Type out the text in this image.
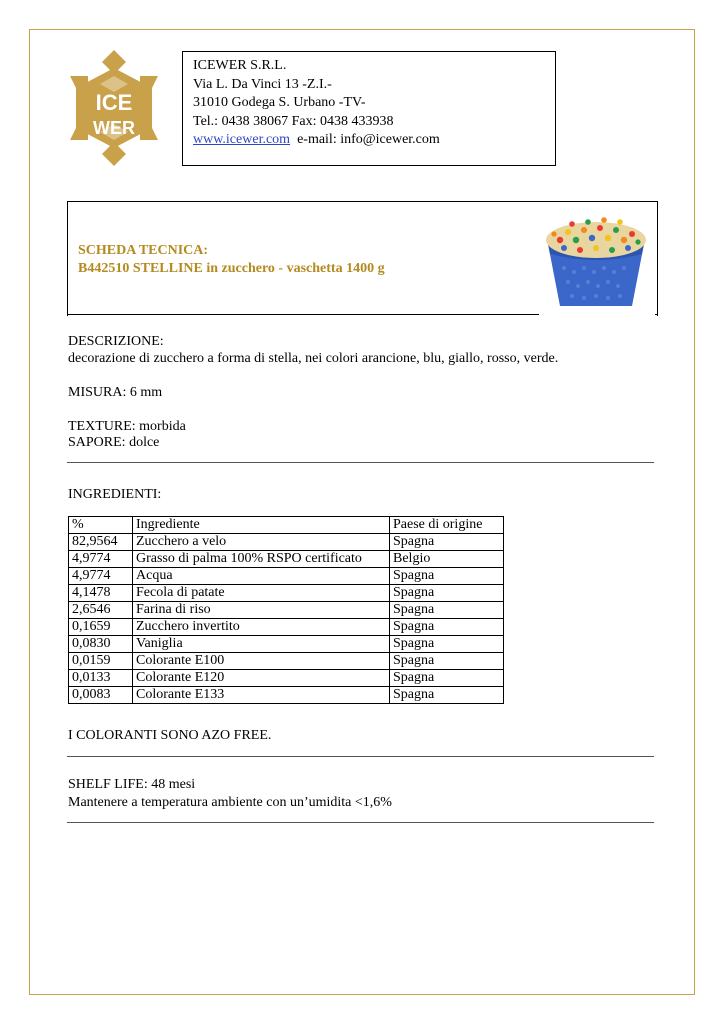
ICE
WER
ICEWER S.R.L.
Via L. Da Vinci 13 -Z.I.-
31010 Godega S. Urbano -TV-
Tel.: 0438 38067 Fax: 0438 433938
www.icewer.com e-mail: info@icewer.com
SCHEDA TECNICA:
B442510 STELLINE in zucchero - vaschetta 1400 g
DESCRIZIONE:
decorazione di zucchero a forma di stella, nei colori arancione, blu, giallo, rosso, verde.
MISURA: 6 mm
TEXTURE: morbida
SAPORE: dolce
INGREDIENTI:
%	Ingrediente	Paese di origine
82,9564	Zucchero a velo	Spagna
4,9774	Grasso di palma 100% RSPO certificato	Belgio
4,9774	Acqua	Spagna
4,1478	Fecola di patate	Spagna
2,6546	Farina di riso	Spagna
0,1659	Zucchero invertito	Spagna
0,0830	Vaniglia	Spagna
0,0159	Colorante E100	Spagna
0,0133	Colorante E120	Spagna
0,0083	Colorante E133	Spagna
I COLORANTI SONO AZO FREE.
SHELF LIFE: 48 mesi
Mantenere a temperatura ambiente con un’umidita <1,6%
